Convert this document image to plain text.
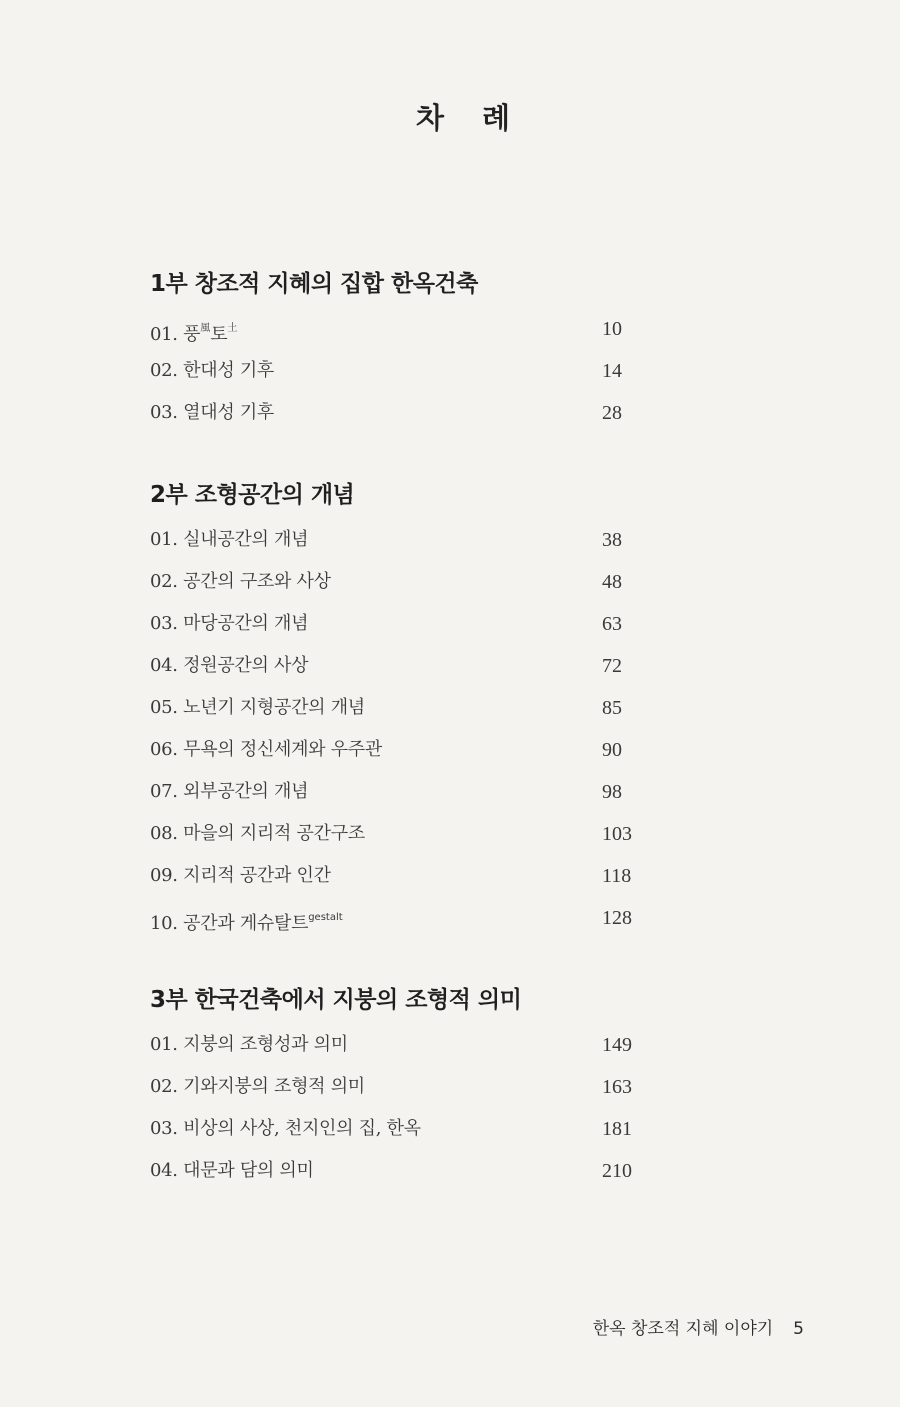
차 례
1부 창조적 지혜의 집합 한옥건축
01. 풍$^風$토$^土$	10
02. 한대성 기후	14
03. 열대성 기후	28
2부 조형공간의 개념
01. 실내공간의 개념	38
02. 공간의 구조와 사상	48
03. 마당공간의 개념	63
04. 정원공간의 사상	72
05. 노년기 지형공간의 개념	85
06. 무욕의 정신세계와 우주관	90
07. 외부공간의 개념	98
08. 마을의 지리적 공간구조	103
09. 지리적 공간과 인간	118
10. 공간과 게슈탈트$^{gestalt}$	128
3부 한국건축에서 지붕의 조형적 의미
01. 지붕의 조형성과 의미	149
02. 기와지붕의 조형적 의미	163
03. 비상의 사상, 천지인의 집, 한옥	181
04. 대문과 담의 의미	210
한옥 창조적 지혜 이야기 5
